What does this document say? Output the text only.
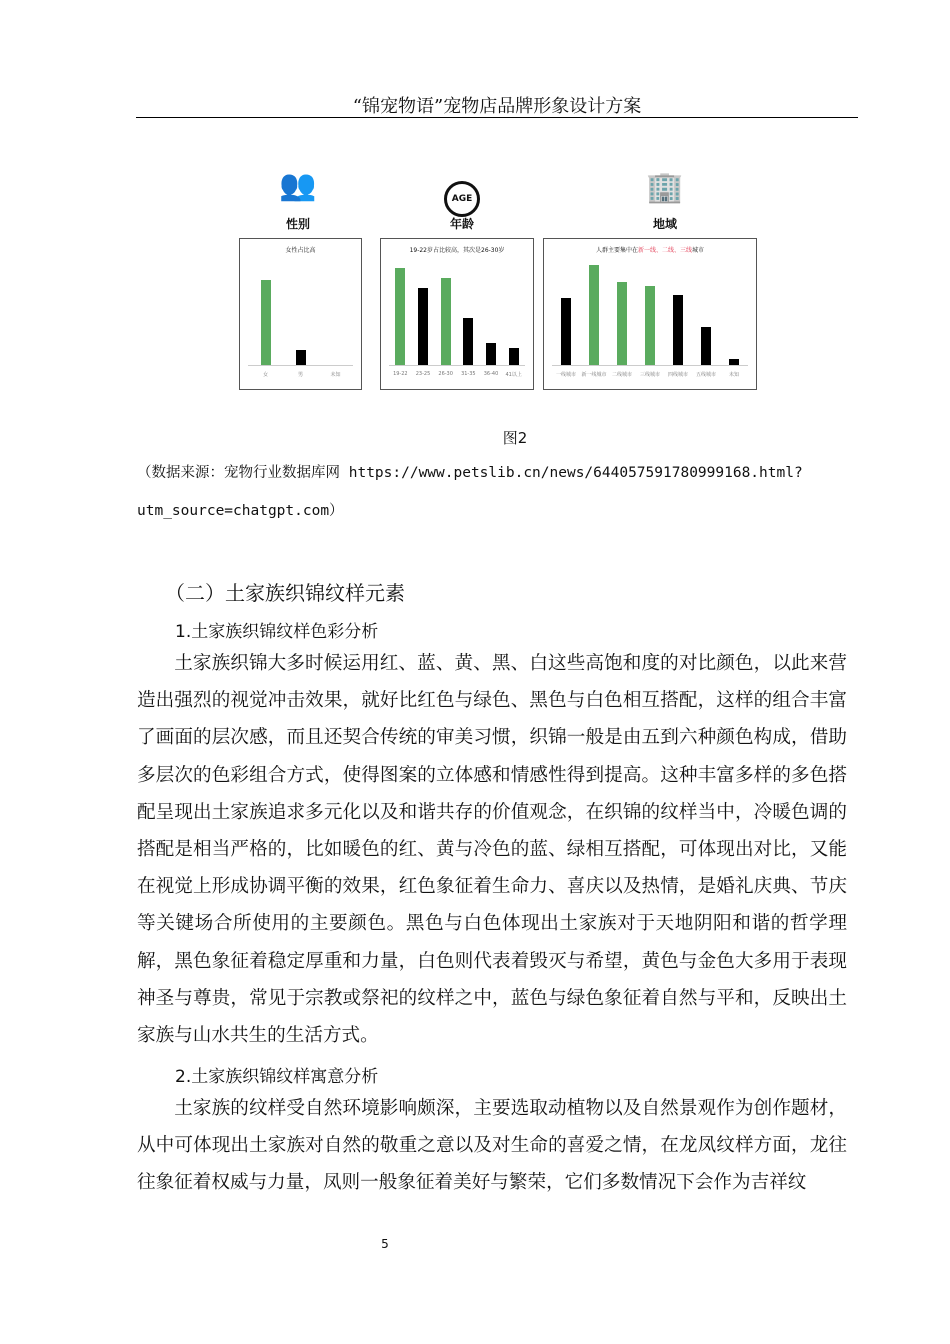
“锦宠物语”宠物店品牌形象设计方案
👥
性别
AGE
年龄
🏢
地域
女性占比高
女	男	未知
19-22岁占比较高，其次是26-30岁
19-22	23-25	26-30	31-35	36-40	41以上
人群主要集中在新一线、二线、三线城市
一线城市	新一线城市	二线城市	三线城市	四线城市	五线城市	未知
图2
（数据来源：宠物行业数据库网 https://www.petslib.cn/news/644057591780999168.html?
utm_source=chatgpt.com）
（二）土家族织锦纹样元素
1.土家族织锦纹样色彩分析

土家族织锦大多时候运用红、蓝、黄、黑、白这些高饱和度的对比颜色，以此来营造出强烈的视觉冲击效果，就好比红色与绿色、黑色与白色相互搭配，这样的组合丰富了画面的层次感，而且还契合传统的审美习惯，织锦一般是由五到六种颜色构成，借助多层次的色彩组合方式，使得图案的立体感和情感性得到提高。这种丰富多样的多色搭配呈现出土家族追求多元化以及和谐共存的价值观念，在织锦的纹样当中，冷暖色调的搭配是相当严格的，比如暖色的红、黄与冷色的蓝、绿相互搭配，可体现出对比，又能在视觉上形成协调平衡的效果，红色象征着生命力、喜庆以及热情，是婚礼庆典、节庆等关键场合所使用的主要颜色。黑色与白色体现出土家族对于天地阴阳和谐的哲学理解，黑色象征着稳定厚重和力量，白色则代表着毁灭与希望，黄色与金色大多用于表现神圣与尊贵，常见于宗教或祭祀的纹样之中，蓝色与绿色象征着自然与平和，反映出土家族与山水共生的生活方式。

2.土家族织锦纹样寓意分析

土家族的纹样受自然环境影响颇深，主要选取动植物以及自然景观作为创作题材，从中可体现出土家族对自然的敬重之意以及对生命的喜爱之情，在龙凤纹样方面，龙往往象征着权威与力量，凤则一般象征着美好与繁荣，它们多数情况下会作为吉祥纹

5
